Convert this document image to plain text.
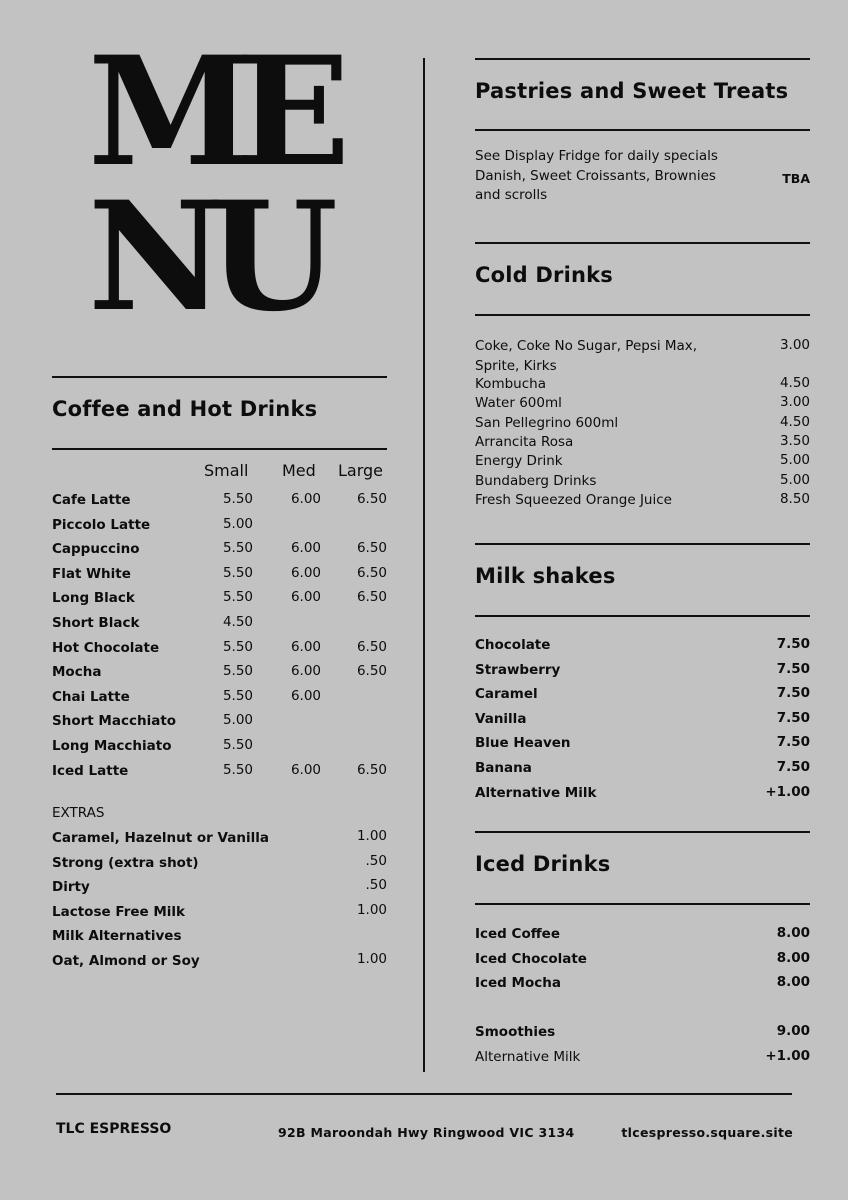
ME
NU
Coffee and Hot Drinks
Small Med Large
Cafe Latte	5.50	6.00	6.50
Piccolo Latte	5.00
Cappuccino	5.50	6.00	6.50
Flat White	5.50	6.00	6.50
Long Black	5.50	6.00	6.50
Short Black	4.50
Hot Chocolate	5.50	6.00	6.50
Mocha	5.50	6.00	6.50
Chai Latte	5.50	6.00
Short Macchiato	5.00
Long Macchiato	5.50
Iced Latte	5.50	6.00	6.50
EXTRAS
Caramel, Hazelnut or Vanilla	1.00
Strong (extra shot)	.50
Dirty	.50
Lactose Free Milk	1.00
Milk Alternatives
Oat, Almond or Soy	1.00
Pastries and Sweet Treats
See Display Fridge for daily specials
Danish, Sweet Croissants, Brownies
and scrolls
TBA
Cold Drinks
Coke, Coke No Sugar, Pepsi Max,
Sprite, Kirks
3.00
Kombucha	4.50
Water 600ml	3.00
San Pellegrino 600ml	4.50
Arrancita Rosa	3.50
Energy Drink	5.00
Bundaberg Drinks	5.00
Fresh Squeezed Orange Juice	8.50
Milk shakes
Chocolate	7.50
Strawberry	7.50
Caramel	7.50
Vanilla	7.50
Blue Heaven	7.50
Banana	7.50
Alternative Milk	+1.00
Iced Drinks
Iced Coffee	8.00
Iced Chocolate	8.00
Iced Mocha	8.00
Smoothies	9.00
Alternative Milk	+1.00
TLC ESPRESSO	92B Maroondah Hwy Ringwood VIC 3134	tlcespresso.square.site
